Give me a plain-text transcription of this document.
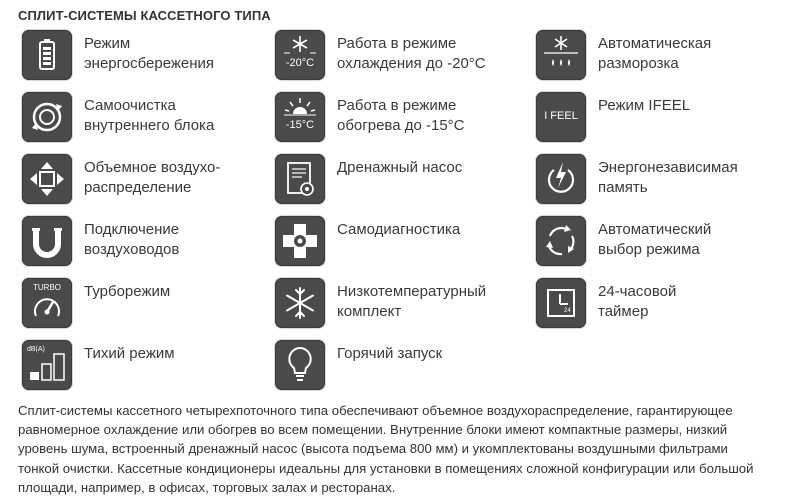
СПЛИТ-СИСТЕМЫ КАССЕТНОГО ТИПА
Режим
энергосбережения
Самоочистка
внутреннего блока
Объемное воздухо-
распределение
Подключение
воздуховодов
TURBO	Турборежим
dB(A)	Тихий режим
-20°C
Работа в режиме
охлаждения до -20°C
-15°C
Работа в режиме
обогрева до -15°C
Дренажный насос
Самодиагностика
Низкотемпературный
комплект
Горячий запуск
Автоматическая
разморозка
I FEEL
Режим IFEEL
Энергонезависимая
память
Автоматический
выбор режима
24
24-часовой
таймер
Сплит-системы кассетного четырехпоточного типа обеспечивают объемное воздухораспределение, гарантирующее равномерное охлаждение или обогрев во всем помещении. Внутренние блоки имеют компактные размеры, низкий уровень шума, встроенный дренажный насос (высота подъема 800 мм) и укомплектованы воздушными фильтрами тонкой очистки. Кассетные кондиционеры идеальны для установки в помещениях сложной конфигурации или большой площади, например, в офисах, торговых залах и ресторанах.
